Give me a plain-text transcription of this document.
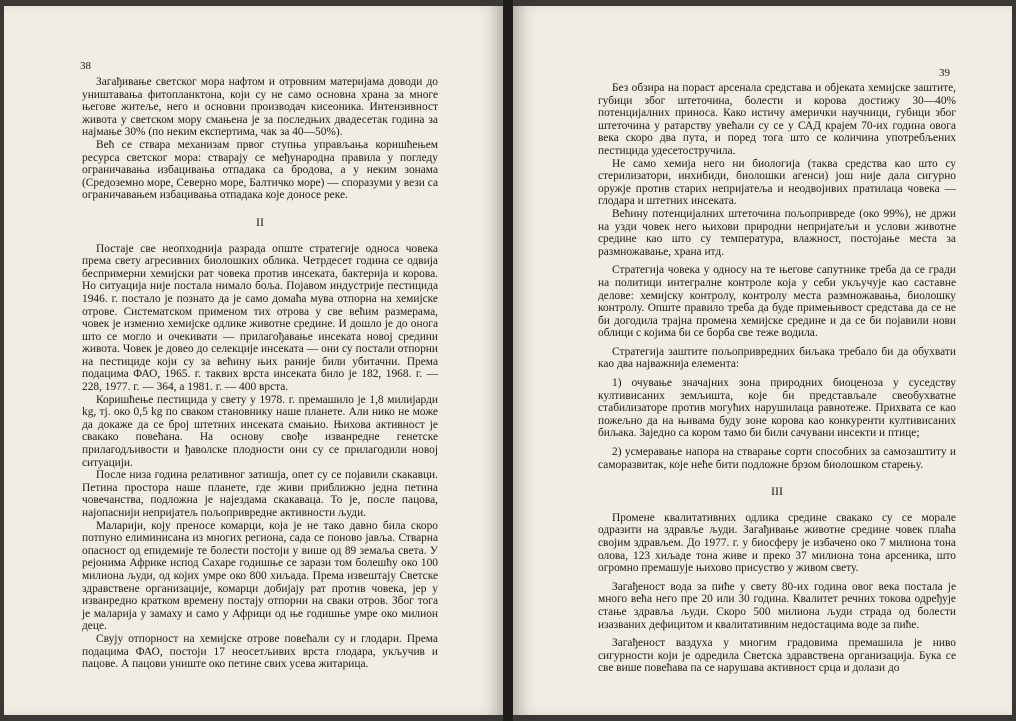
38

Загађивање светског мора нафтом и отровним материјама доводи до уништавања фитопланктона, који су не само основна храна за многе његове житеље, него и основни производач кисеоника. Интензивност живота у светском мору смањена је за последњих двадесетак година за најмање 30% (по неким експертима, чак за 40—50%).

Већ се ствара механизам првог ступња управљања коришћењем ресурса светског мора: стварају се међународна правила у погледу ограничавања избацивања отпадака са бродова, а у неким зонама (Средоземно море, Северно море, Балтичко море) — споразуми у вези са ограничавањем избацивања отпадака које доносе реке.

II

Постаје све неопходнија разрада опште стратегије односа човека према свету агресивних биолошких облика. Четрдесет година се одвија беспримерни хемијски рат човека против инсеката, бактерија и корова. Но ситуација није постала нимало боља. Појавом индустрије пестицида 1946. г. постало је познато да је само домаћа мува отпорна на хемијске отрове. Систематском применом тих отрова у све већим размерама, човек је изменио хемијске одлике животне средине. И дошло је до онога што се могло и очекивати — прилагођавање инсеката новој средини живота. Човек је довео до селекције инсеката — они су постали отпорни на пестициде који су за већину њих раније били убитачни. Према подацима ФАО, 1965. г. таквих врста инсеката било је 182, 1968. г. — 228, 1977. г. — 364, а 1981. г. — 400 врста.

Коришћење пестицида у свету у 1978. г. премашило је 1,8 милијарди kg, тј. око 0,5 kg по сваком становнику наше планете. Али нико не може да докаже да се број штетних инсеката смањио. Њихова активност је свакако повећана. На основу свође изванредне генетске прилагодљивости и ђаволске плодности они су се прилагодили новој ситуацији.

После низа година релативног затишја, опет су се појавили скакавци. Петина простора наше планете, где живи приближно једна петина човечанства, подложна је најездама скакаваца. То је, после пацова, најопаснији непријатељ пољопривредне активности људи.

Маларији, коју преносе комарци, која је не тако давно била скоро потпуно елиминисана из многих региона, сада се поново јавља. Стварна опасност од епидемије те болести постоји у више од 89 земаља света. У рејонима Африке испод Сахаре годишње се зарази том болешћу око 100 милиона људи, од којих умре око 800 хиљада. Према извештају Светске здравствене организације, комарци добијају рат против човека, јер у изванредно кратком времену постају отпорни на сваки отров. Због тога је маларија у замаху и само у Африци од ње годишње умре око милион деце.

Свују отпорност на хемијске отрове повећали су и глодари. Према подацима ФАО, постоји 17 неосетљивих врста глодара, укључив и пацове. А пацови униште око петине свих усева житарица.

39

Без обзира на пораст арсенала средстава и објеката хемијске заштите, губици због штеточина, болести и корова достижу 30—40% потенцијалних приноса. Како истичу амерички научници, губици због штеточина у ратарству увећали су се у САД крајем 70-их година овога века скоро два пута, и поред тога што се количина употребљених пестицида удесетостручила.

Не само хемија него ни биологија (таква средства као што су стерилизатори, инхибиди, биолошки агенси) још није дала сигурно оружје против старих непријатеља и неодвојивих пратилаца човека — глодара и штетних инсеката.

Већину потенцијалних штеточина пољопривреде (око 99%), не држи на узди човек него њихови природни непријатељи и услови животне средине као што су температура, влажност, постојање места за размножавање, храна итд.

Стратегија човека у односу на те његове сапутнике треба да се гради на политици интегралне контроле која у себи укључује као саставне делове: хемијску контролу, контролу места размножавања, биолошку контролу. Опште правило треба да буде примењивост средстава да се не би догодила трајна промена хемијске средине и да се би појавили нови облици с којима би се борба све теже водила.

Стратегија заштите пољопривредних биљака требало би да обухвати као два најважнија елемента:

1) очување значајних зона природних биоценоза у суседству култивисаних земљишта, које би представљале свеобухватне стабилизаторе против могућих нарушилаца равнотеже. Прихвата се као пожељно да на њивама буду зоне корова као конкуренти култивисаних биљака. Заједно са кором тамо би били сачувани инсекти и птице;

2) усмеравање напора на стварање сорти способних за самозаштиту и саморазвитак, које неће бити подложне брзом биолошком старењу.

III

Промене квалитативних одлика средине свакако су се морале одразити на здравље људи. Загађивање животне средине човек плаћа својим здрављем. До 1977. г. у биосферу је избачено око 7 милиона тона олова, 123 хиљаде тона живе и преко 37 милиона тона арсеника, што огромно премашује њихово присуство у живом свету.

Загађеност вода за пиће у свету 80-их година овог века постала је много већа него пре 20 или 30 година. Квалитет речних токова одређује стање здравља људи. Скоро 500 милиона људи страда од болести изазваних дефицитом и квалитативним недостацима воде за пиће.

Загађеност ваздуха у многим градовима премашила је ниво сигурности који је одредила Светска здравствена организација. Бука се све више повећава па се нарушава активност срца и долази до
